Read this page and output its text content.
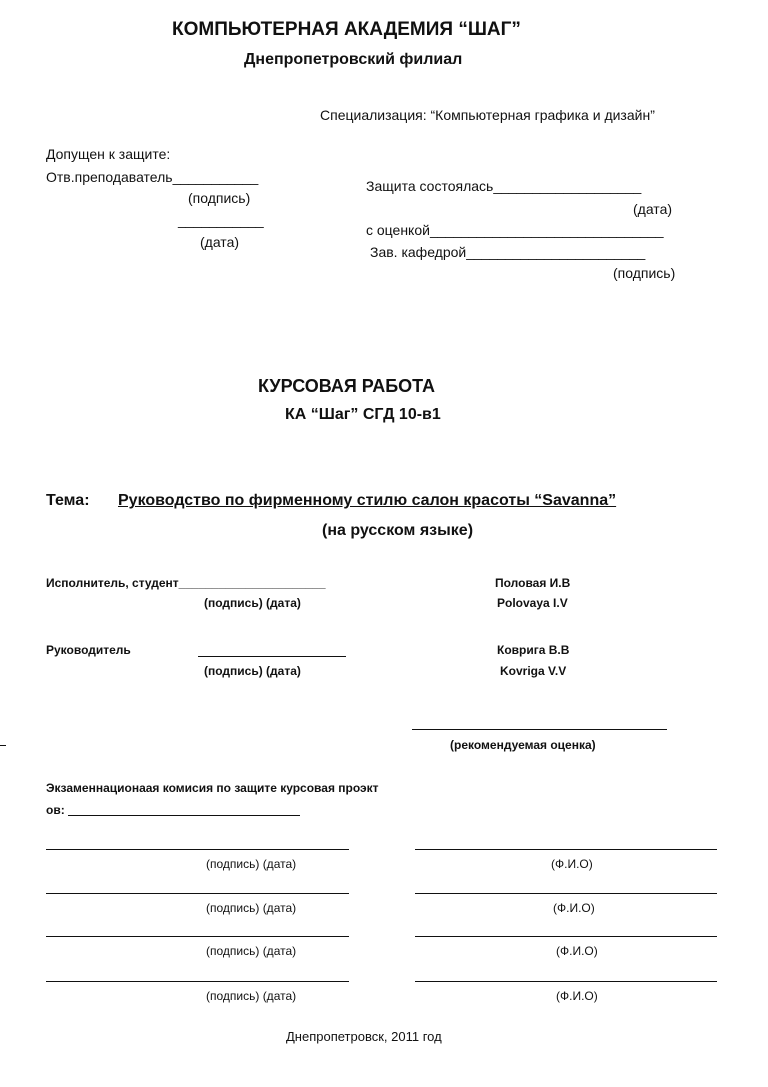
КОМПЬЮТЕРНАЯ АКАДЕМИЯ “ШАГ”
Днепропетровский филиал
Специализация: “Компьютерная графика и дизайн”
Допущен к защите:
Отв.преподаватель___________
(подпись)
___________
(дата)
Защита состоялась___________________
(дата)
с оценкой______________________________
Зав. кафедрой_______________________
(подпись)
КУРСОВАЯ РАБОТА
КА “Шаг” СГД 10-в1
Тема: Руководство по фирменному стилю салон красоты “Savanna”
(на русском языке)
Исполнитель, студент______________________
(подпись) (дата)
Половая И.В
Polovaya I.V
Руководитель
(подпись) (дата)
Коврига В.В
Kovriga V.V
(рекомендуемая оценка)
Экзаменнационаая комисия по защите курсовая проэкт
ов:
(подпись) (дата)	(Ф.И.О)
(подпись) (дата)	(Ф.И.О)
(подпись) (дата)	(Ф.И.О)
(подпись) (дата)	(Ф.И.О)
Днепропетровск, 2011 год
